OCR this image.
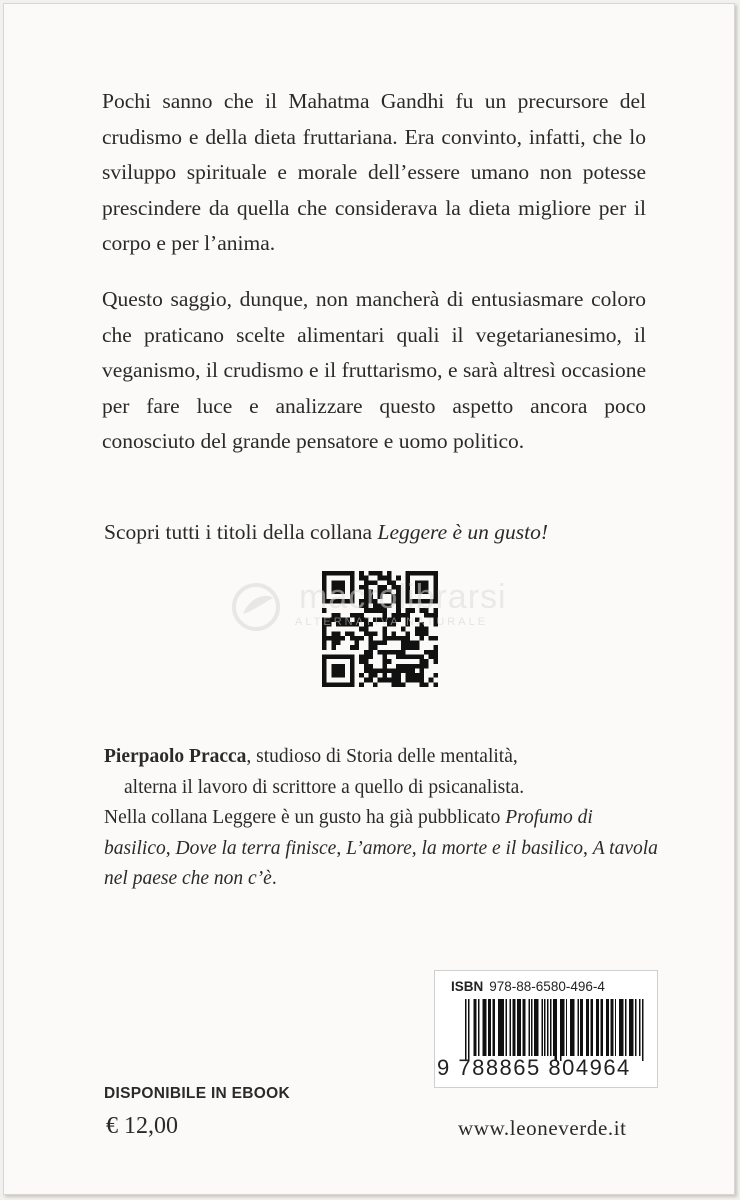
Pochi sanno che il Mahatma Gandhi fu un precursore del crudismo e della dieta fruttariana. Era convinto, infatti, che lo sviluppo spirituale e morale dell’essere umano non potesse prescindere da quella che considerava la dieta migliore per il corpo e per l’anima.

Questo saggio, dunque, non mancherà di entusiasmare coloro che praticano scelte alimentari quali il vegetarianesimo, il veganismo, il crudismo e il fruttarismo, e sarà altresì occasione per fare luce e analizzare questo aspetto ancora poco conosciuto del grande pensatore e uomo politico.

Scopri tutti i titoli della collana Leggere è un gusto!

macrolibrarsi
ALTERNATIVA NATURALE

Pierpaolo Pracca, studioso di Storia delle mentalità,
alterna il lavoro di scrittore a quello di psicanalista.
Nella collana Leggere è un gusto ha già pubblicato Profumo di basilico, Dove la terra finisce, L’amore, la morte e il basilico, A tavola nel paese che non c’è.

ISBN 978-88-6580-496-4
9 788865 804964
DISPONIBILE IN EBOOK
€ 12,00	www.leoneverde.it
